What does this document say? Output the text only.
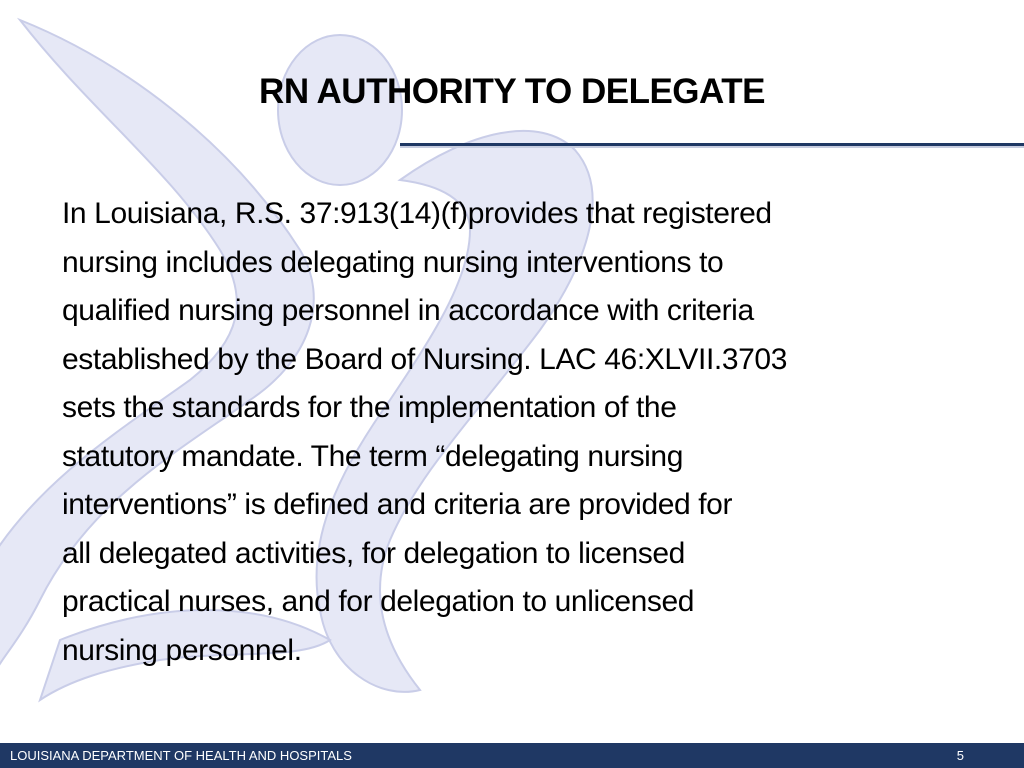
RN AUTHORITY TO DELEGATE

In Louisiana, R.S. 37:913(14)(f)provides that registered
nursing includes delegating nursing interventions to
qualified nursing personnel in accordance with criteria
established by the Board of Nursing. LAC 46:XLVII.3703
sets the standards for the implementation of the
statutory mandate. The term “delegating nursing
interventions” is defined and criteria are provided for
all delegated activities, for delegation to licensed
practical nurses, and for delegation to unlicensed
nursing personnel.

LOUISIANA DEPARTMENT OF HEALTH AND HOSPITALS	5
